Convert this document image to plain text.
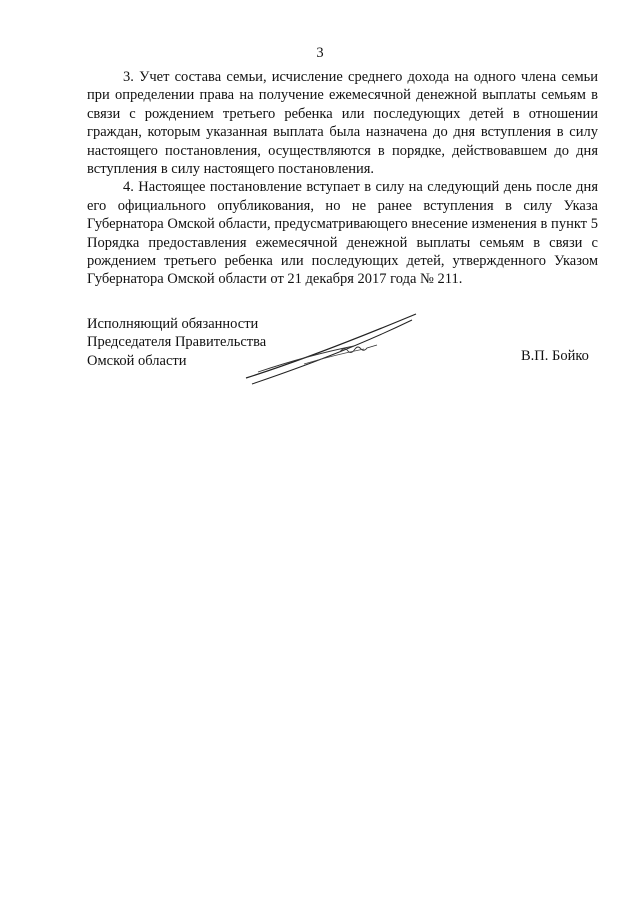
3

3. Учет состава семьи, исчисление среднего дохода на одного члена семьи при определении права на получение ежемесячной денежной выплаты семьям в связи с рождением третьего ребенка или последующих детей в отношении граждан, которым указанная выплата была назначена до дня вступления в силу настоящего постановления, осуществляются в порядке, действовавшем до дня вступления в силу настоящего постановления.

4. Настоящее постановление вступает в силу на следующий день после дня его официального опубликования, но не ранее вступления в силу Указа Губернатора Омской области, предусматривающего внесение изменения в пункт 5 Порядка предоставления ежемесячной денежной выплаты семьям в связи с рождением третьего ребенка или последующих детей, утвержденного Указом Губернатора Омской области от 21 декабря 2017 года № 211.

Исполняющий обязанности
Председателя Правительства
Омской области	В.П. Бойко
